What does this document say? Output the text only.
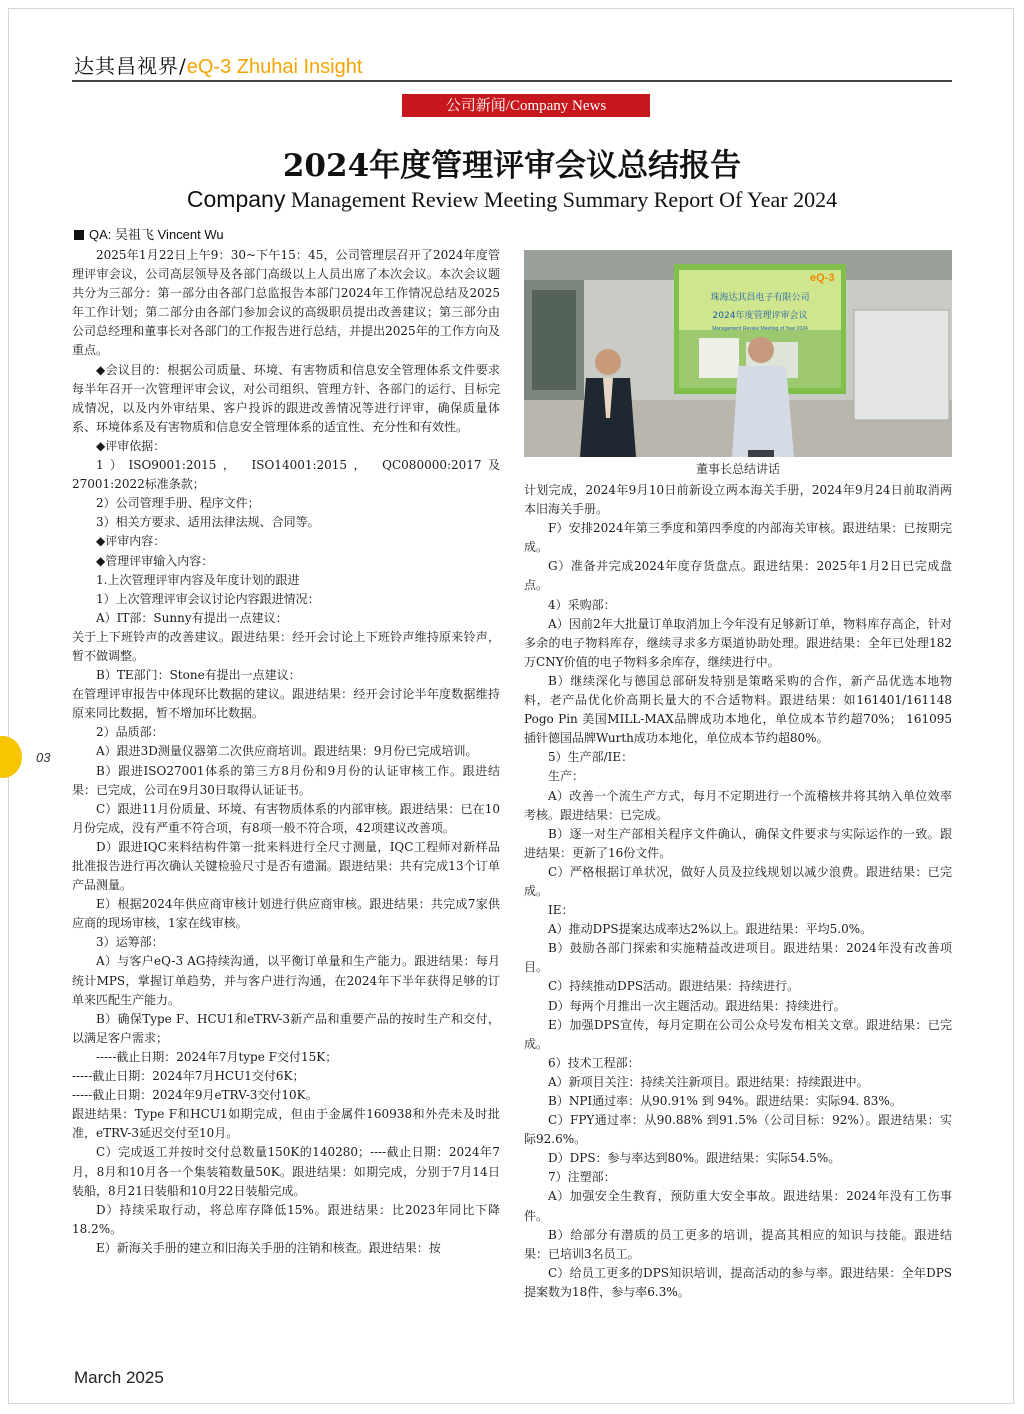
达其昌视界/eQ-3 Zhuhai Insight
公司新闻/Company News
2024年度管理评审会议总结报告
Company Management Review Meeting Summary Report Of Year 2024
QA: 吴祖飞 Vincent Wu

2025年1月22日上午9：30~下午15：45，公司管理层召开了2024年度管理评审会议，公司高层领导及各部门高级以上人员出席了本次会议。本次会议题共分为三部分：第一部分由各部门总监报告本部门2024年工作情况总结及2025年工作计划；第二部分由各部门参加会议的高级职员提出改善建议；第三部分由公司总经理和董事长对各部门的工作报告进行总结，并提出2025年的工作方向及重点。

◆会议目的：根据公司质量、环境、有害物质和信息安全管理体系文件要求每半年召开一次管理评审会议，对公司组织、管理方针、各部门的运行、目标完成情况，以及内外审结果、客户投诉的跟进改善情况等进行评审，确保质量体系、环境体系及有害物质和信息安全管理体系的适宜性、充分性和有效性。

◆评审依据：

1）ISO9001:2015， ISO14001:2015， QC080000:2017及27001:2022标准条款；

2）公司管理手册、程序文件；

3）相关方要求、适用法律法规、合同等。

◆评审内容：

◆管理评审输入内容：

1.上次管理评审内容及年度计划的跟进

1）上次管理评审会议讨论内容跟进情况：

A）IT部：Sunny有提出一点建议：

关于上下班铃声的改善建议。跟进结果：经开会讨论上下班铃声维持原来铃声，暂不做调整。

B）TE部门：Stone有提出一点建议：

在管理评审报告中体现环比数据的建议。跟进结果：经开会讨论半年度数据维持原来同比数据，暂不增加环比数据。

2）品质部：

A）跟进3D测量仪器第二次供应商培训。跟进结果：9月份已完成培训。

B）跟进ISO27001体系的第三方8月份和9月份的认证审核工作。跟进结果：已完成，公司在9月30日取得认证证书。

C）跟进11月份质量、环境、有害物质体系的内部审核。跟进结果：已在10月份完成，没有严重不符合项，有8项一般不符合项，42项建议改善项。

D）跟进IQC来料结构件第一批来料进行全尺寸测量，IQC工程师对新样品批准报告进行再次确认关键检验尺寸是否有遗漏。跟进结果：共有完成13个订单产品测量。

E）根据2024年供应商审核计划进行供应商审核。跟进结果：共完成7家供应商的现场审核，1家在线审核。

3）运筹部：

A）与客户eQ-3 AG持续沟通，以平衡订单量和生产能力。跟进结果：每月统计MPS，掌握订单趋势，并与客户进行沟通，在2024年下半年获得足够的订单来匹配生产能力。

B）确保Type F、HCU1和eTRV-3新产品和重要产品的按时生产和交付，以满足客户需求；

-----截止日期：2024年7月type F交付15K；

-----截止日期：2024年7月HCU1交付6K；

-----截止日期：2024年9月eTRV-3交付10K。

跟进结果：Type F和HCU1如期完成，但由于金属件160938和外壳未及时批准，eTRV-3延迟交付至10月。

C）完成返工并按时交付总数量150K的140280；----截止日期：2024年7月，8月和10月各一个集装箱数量50K。跟进结果：如期完成，分别于7月14日装船，8月21日装船和10月22日装船完成。

D）持续采取行动，将总库存降低15%。跟进结果：比2023年同比下降18.2%。

E）新海关手册的建立和旧海关手册的注销和核查。跟进结果：按

eQ-3
珠海达其昌电子有限公司
2024年度管理评审会议
Management Review Meeting of Year 2024
董事长总结讲话

计划完成，2024年9月10日前新设立两本海关手册，2024年9月24日前取消两本旧海关手册。

F）安排2024年第三季度和第四季度的内部海关审核。跟进结果：已按期完成。

G）准备并完成2024年度存货盘点。跟进结果：2025年1月2日已完成盘点。

4）采购部：

A）因前2年大批量订单取消加上今年没有足够新订单，物料库存高企，针对多余的电子物料库存，继续寻求多方渠道协助处理。跟进结果：全年已处理182万CNY价值的电子物料多余库存，继续进行中。

B）继续深化与德国总部研发特别是策略采购的合作，新产品优选本地物料，老产品优化价高期长量大的不合适物料。跟进结果：如161401/161148 Pogo Pin 美国MILL-MAX品牌成功本地化，单位成本节约超70%； 161095 插针德国品牌Wurth成功本地化，单位成本节约超80%。

5）生产部/IE：

生产：

A）改善一个流生产方式，每月不定期进行一个流稽核并将其纳入单位效率考核。跟进结果：已完成。

B）逐一对生产部相关程序文件确认，确保文件要求与实际运作的一致。跟进结果：更新了16份文件。

C）严格根据订单状况，做好人员及拉线规划以减少浪费。跟进结果：已完成。

IE：

A）推动DPS提案达成率达2%以上。跟进结果：平均5.0%。

B）鼓励各部门探索和实施精益改进项目。跟进结果：2024年没有改善项目。

C）持续推动DPS活动。跟进结果：持续进行。

D）每两个月推出一次主题活动。跟进结果：持续进行。

E）加强DPS宣传，每月定期在公司公众号发布相关文章。跟进结果：已完成。

6）技术工程部：

A）新项目关注：持续关注新项目。跟进结果：持续跟进中。

B）NPI通过率：从90.91% 到 94%。跟进结果：实际94. 83%。

C）FPY通过率：从90.88% 到91.5%（公司目标：92%）。跟进结果：实际92.6%。

D）DPS：参与率达到80%。跟进结果：实际54.5%。

7）注塑部：

A）加强安全生教育，预防重大安全事故。跟进结果：2024年没有工伤事件。

B）给部分有潜质的员工更多的培训，提高其相应的知识与技能。跟进结果：已培训3名员工。

C）给员工更多的DPS知识培训，提高活动的参与率。跟进结果：全年DPS提案数为18件，参与率6.3%。

03
March 2025
